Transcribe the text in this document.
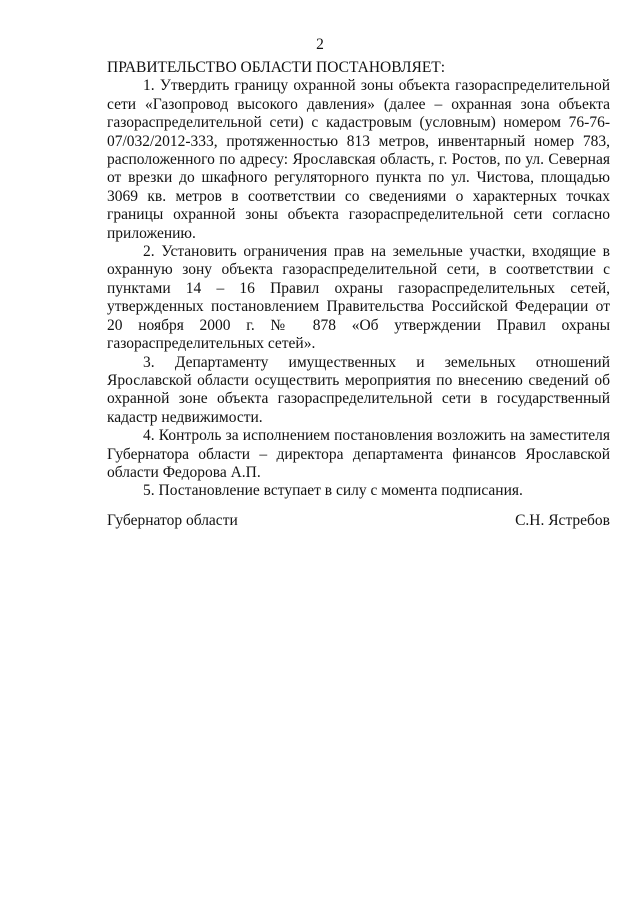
2

ПРАВИТЕЛЬСТВО ОБЛАСТИ ПОСТАНОВЛЯЕТ:

1. Утвердить границу охранной зоны объекта газораспределительной сети «Газопровод высокого давления» (далее – охранная зона объекта газораспределительной сети) с кадастровым (условным) номером 76-76-07/032/2012-333, протяженностью 813 метров, инвентарный номер 783, расположенного по адресу: Ярославская область, г. Ростов, по ул. Северная от врезки до шкафного регуляторного пункта по ул. Чистова, площадью 3069 кв. метров в соответствии со сведениями о характерных точках границы охранной зоны объекта газораспределительной сети согласно приложению.

2. Установить ограничения прав на земельные участки, входящие в охранную зону объекта газораспределительной сети, в соответствии с пунктами 14 – 16 Правил охраны газораспределительных сетей, утвержденных постановлением Правительства Российской Федерации от 20 ноября 2000 г. № 878 «Об утверждении Правил охраны газораспределительных сетей».

3. Департаменту имущественных и земельных отношений Ярославской области осуществить мероприятия по внесению сведений об охранной зоне объекта газораспределительной сети в государственный кадастр недвижимости.

4. Контроль за исполнением постановления возложить на заместителя Губернатора области – директора департамента финансов Ярославской области Федорова А.П.

5. Постановление вступает в силу с момента подписания.

Губернатор области	С.Н. Ястребов
